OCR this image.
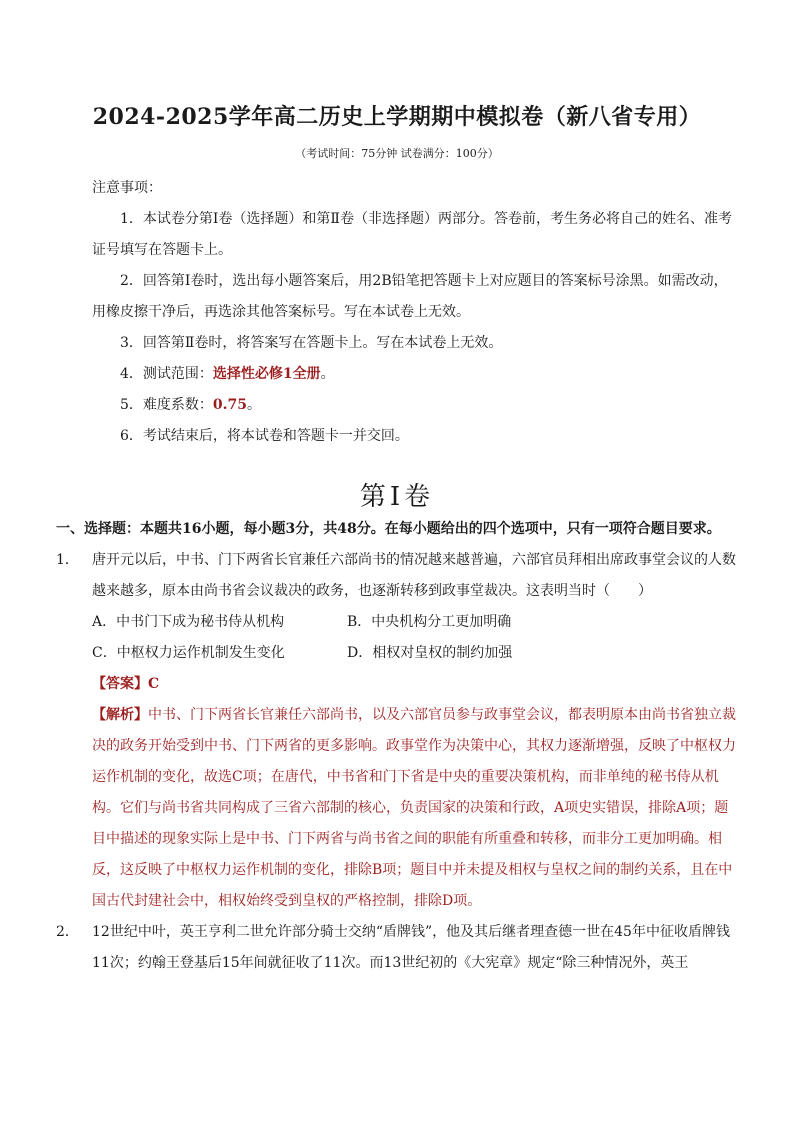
2024-2025学年高二历史上学期期中模拟卷（新八省专用）
（考试时间：75分钟 试卷满分：100分）

注意事项：

1．本试卷分第Ⅰ卷（选择题）和第Ⅱ卷（非选择题）两部分。答卷前，考生务必将自己的姓名、准考证号填写在答题卡上。

2．回答第Ⅰ卷时，选出每小题答案后，用2B铅笔把答题卡上对应题目的答案标号涂黑。如需改动，用橡皮擦干净后，再选涂其他答案标号。写在本试卷上无效。

3．回答第Ⅱ卷时，将答案写在答题卡上。写在本试卷上无效。

4．测试范围：选择性必修1全册。

5．难度系数：0.75。

6．考试结束后，将本试卷和答题卡一并交回。

第Ⅰ卷

一、选择题：本题共16小题，每小题3分，共48分。在每小题给出的四个选项中，只有一项符合题目要求。

1． 唐开元以后，中书、门下两省长官兼任六部尚书的情况越来越普遍，六部官员拜相出席政事堂会议的人数越来越多，原本由尚书省会议裁决的政务，也逐渐转移到政事堂裁决。这表明当时（　　）

A．中书门下成为秘书侍从机构	B．中央机构分工更加明确
C．中枢权力运作机制发生变化	D．相权对皇权的制约加强

【答案】C

【解析】中书、门下两省长官兼任六部尚书，以及六部官员参与政事堂会议，都表明原本由尚书省独立裁决的政务开始受到中书、门下两省的更多影响。政事堂作为决策中心，其权力逐渐增强，反映了中枢权力运作机制的变化，故选C项；在唐代，中书省和门下省是中央的重要决策机构，而非单纯的秘书侍从机构。它们与尚书省共同构成了三省六部制的核心，负责国家的决策和行政，A项史实错误，排除A项；题目中描述的现象实际上是中书、门下两省与尚书省之间的职能有所重叠和转移，而非分工更加明确。相反，这反映了中枢权力运作机制的变化，排除B项；题目中并未提及相权与皇权之间的制约关系，且在中国古代封建社会中，相权始终受到皇权的严格控制，排除D项。

2． 12世纪中叶，英王亨利二世允许部分骑士交纳“盾牌钱”，他及其后继者理查德一世在45年中征收盾牌钱11次；约翰王登基后15年间就征收了11次。而13世纪初的《大宪章》规定“除三种情况外，英王
